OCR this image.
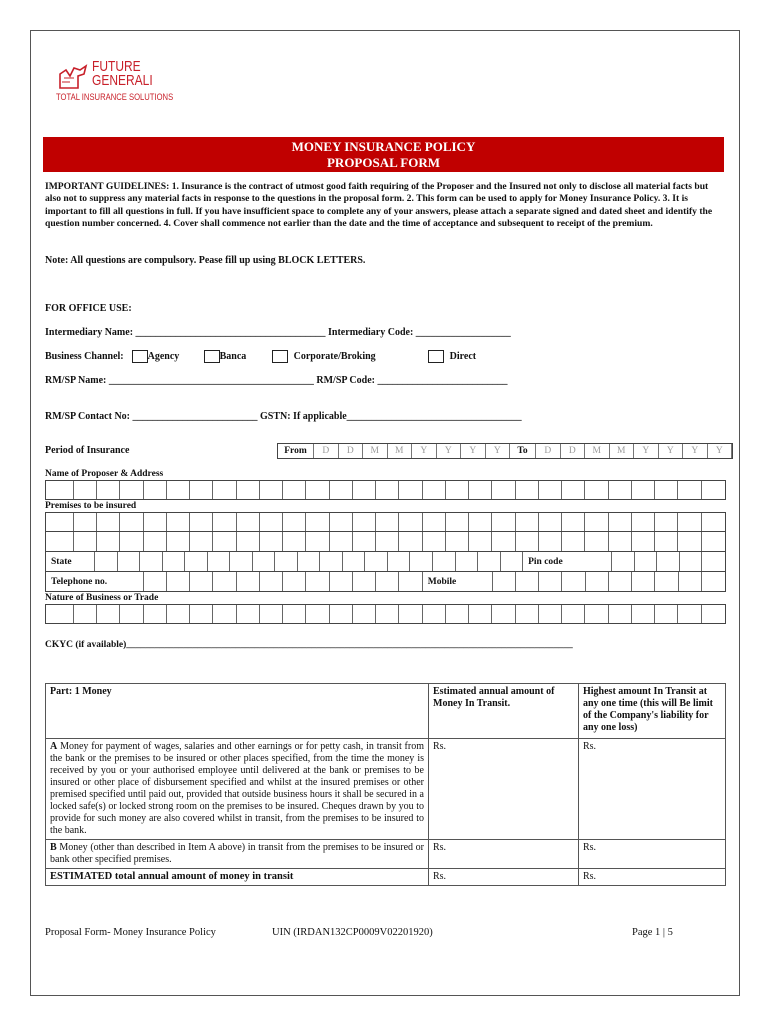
FUTURE
GENERALI
TOTAL INSURANCE SOLUTIONS
MONEY INSURANCE POLICY
PROPOSAL FORM
IMPORTANT GUIDELINES: 1. Insurance is the contract of utmost good faith requiring of the Proposer and the Insured not only to disclose all material facts but also not to suppress any material facts in response to the questions in the proposal form. 2. This form can be used to apply for Money Insurance Policy. 3. It is important to fill all questions in full. If you have insufficient space to complete any of your answers, please attach a separate signed and dated sheet and identify the question number concerned. 4. Cover shall commence not earlier than the date and the time of acceptance and subsequent to receipt of the premium.
Note: All questions are compulsory. Pease fill up using BLOCK LETTERS.
FOR OFFICE USE:
Intermediary Name: ______________________________________ Intermediary Code: ___________________
Business Channel: Agency	Banca	Corporate/Broking	Direct
RM/SP Name: _________________________________________ RM/SP Code: __________________________
RM/SP Contact No: _________________________ GSTN: If applicable___________________________________
Period of Insurance	From	D	D	M	M	Y	Y	Y	Y	To	D	D	M	M	Y	Y	Y	Y
Name of Proposer & Address
Premises to be insured
State	Pin code
Telephone no.	Mobile
Nature of Business or Trade
CKYC (if available)______________________________________________________________________________________________
Part: 1 Money	Estimated annual amount of Money In Transit.	Highest amount In Transit at any one time (this will Be limit of the Company's liability for any one loss)
A Money for payment of wages, salaries and other earnings or for petty cash, in transit from the bank or the premises to be insured or other places specified, from the time the money is received by you or your authorised employee until delivered at the bank or premises to be insured or other place of disbursement specified and whilst at the insured premises or other premised specified until paid out, provided that outside business hours it shall be secured in a locked safe(s) or locked strong room on the premises to be insured. Cheques drawn by you to provide for such money are also covered whilst in transit, from the premises to be insured to the bank.	Rs.	Rs.
B Money (other than described in Item A above) in transit from the premises to be insured or bank other specified premises.	Rs.	Rs.
ESTIMATED total annual amount of money in transit	Rs.	Rs.
Proposal Form- Money Insurance Policy	UIN (IRDAN132CP0009V02201920)	Page 1 | 5
